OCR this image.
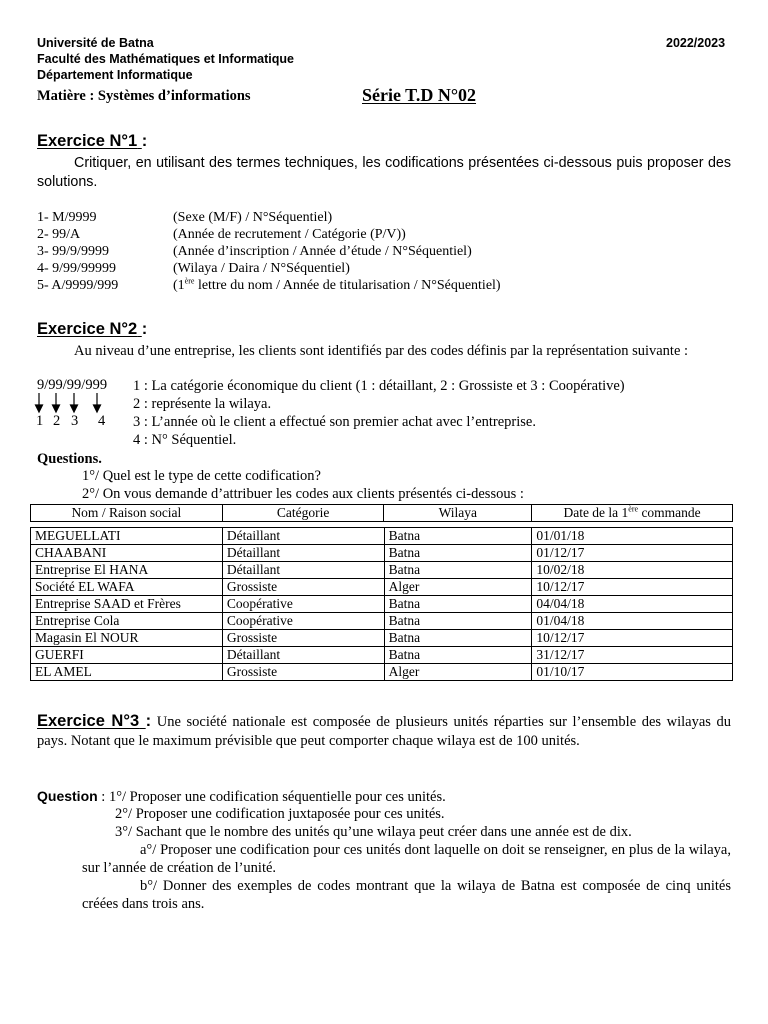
Université de Batna
Faculté des Mathématiques et Informatique
Département Informatique
2022/2023
Matière : Systèmes d’informations	Série T.D N°02
Exercice N°1 :
Critiquer, en utilisant des termes techniques, les codifications présentées ci-dessous puis proposer des solutions.
1- M/9999	(Sexe (M/F) / N°Séquentiel)
2- 99/A	(Année de recrutement / Catégorie (P/V))
3- 99/9/9999	(Année d’inscription / Année d’étude / N°Séquentiel)
4- 9/99/99999	(Wilaya / Daira / N°Séquentiel)
5- A/9999/999	(1ère lettre du nom / Année de titularisation / N°Séquentiel)
Exercice N°2 :
Au niveau d’une entreprise, les clients sont identifiés par des codes définis par la représentation suivante :
9/99/99/999
1 2 3 4
1 : La catégorie économique du client (1 : détaillant, 2 : Grossiste et 3 : Coopérative)
2 : représente la wilaya.
3 : L’année où le client a effectué son premier achat avec l’entreprise.
4 : N° Séquentiel.
Questions.
1°/ Quel est le type de cette codification?
2°/ On vous demande d’attribuer les codes aux clients présentés ci-dessous :
Nom / Raison social	Catégorie	Wilaya	Date de la 1ère commande
MEGUELLATI	Détaillant	Batna	01/01/18
CHAABANI	Détaillant	Batna	01/12/17
Entreprise El HANA	Détaillant	Batna	10/02/18
Société EL WAFA	Grossiste	Alger	10/12/17
Entreprise SAAD et Frères	Coopérative	Batna	04/04/18
Entreprise Cola	Coopérative	Batna	01/04/18
Magasin El NOUR	Grossiste	Batna	10/12/17
GUERFI	Détaillant	Batna	31/12/17
EL AMEL	Grossiste	Alger	01/10/17
Exercice N°3 : Une société nationale est composée de plusieurs unités réparties sur l’ensemble des wilayas du pays. Notant que le maximum prévisible que peut comporter chaque wilaya est de 100 unités.
Question : 1°/ Proposer une codification séquentielle pour ces unités.
2°/ Proposer une codification juxtaposée pour ces unités.
3°/ Sachant que le nombre des unités qu’une wilaya peut créer dans une année est de dix.
a°/ Proposer une codification pour ces unités dont laquelle on doit se renseigner, en plus de la wilaya, sur l’année de création de l’unité.
b°/ Donner des exemples de codes montrant que la wilaya de Batna est composée de cinq unités créées dans trois ans.
